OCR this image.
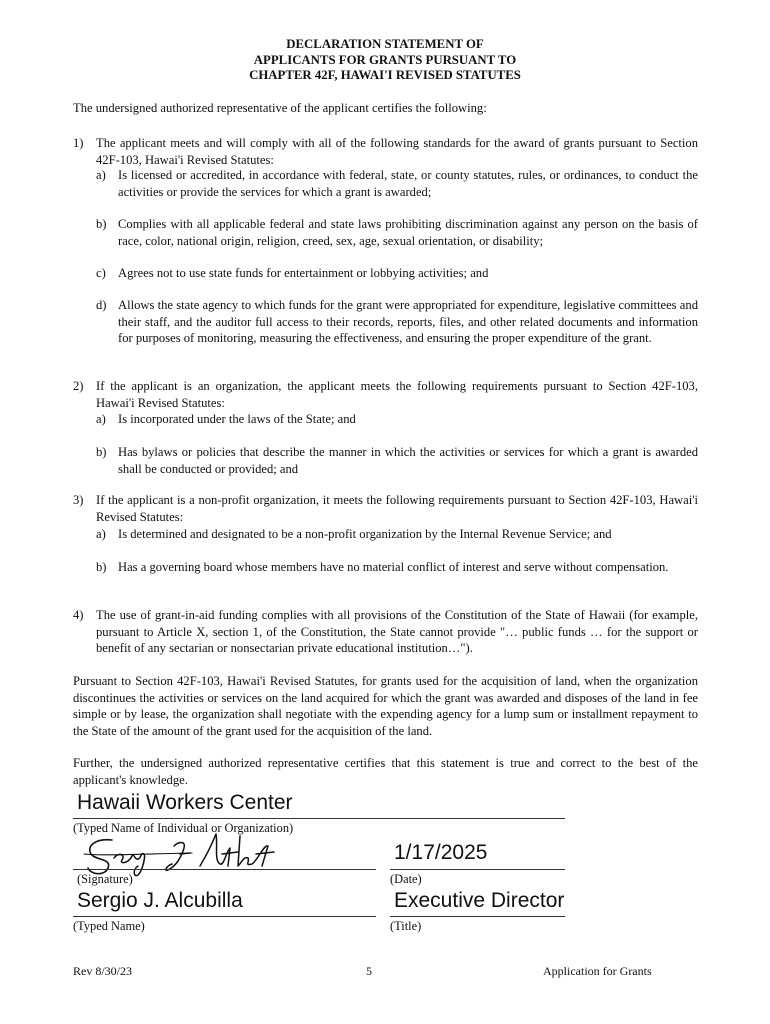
DECLARATION STATEMENT OF
APPLICANTS FOR GRANTS PURSUANT TO
CHAPTER 42F, HAWAI'I REVISED STATUTES
The undersigned authorized representative of the applicant certifies the following:
1) The applicant meets and will comply with all of the following standards for the award of grants pursuant to Section 42F-103, Hawai'i Revised Statutes:
a) Is licensed or accredited, in accordance with federal, state, or county statutes, rules, or ordinances, to conduct the activities or provide the services for which a grant is awarded;
b) Complies with all applicable federal and state laws prohibiting discrimination against any person on the basis of race, color, national origin, religion, creed, sex, age, sexual orientation, or disability;
c) Agrees not to use state funds for entertainment or lobbying activities; and
d) Allows the state agency to which funds for the grant were appropriated for expenditure, legislative committees and their staff, and the auditor full access to their records, reports, files, and other related documents and information for purposes of monitoring, measuring the effectiveness, and ensuring the proper expenditure of the grant.
2) If the applicant is an organization, the applicant meets the following requirements pursuant to Section 42F-103, Hawai'i Revised Statutes:
a) Is incorporated under the laws of the State; and
b) Has bylaws or policies that describe the manner in which the activities or services for which a grant is awarded shall be conducted or provided; and
3) If the applicant is a non-profit organization, it meets the following requirements pursuant to Section 42F-103, Hawai'i Revised Statutes:
a) Is determined and designated to be a non-profit organization by the Internal Revenue Service; and
b) Has a governing board whose members have no material conflict of interest and serve without compensation.
4) The use of grant-in-aid funding complies with all provisions of the Constitution of the State of Hawaii (for example, pursuant to Article X, section 1, of the Constitution, the State cannot provide "… public funds … for the support or benefit of any sectarian or nonsectarian private educational institution…").
Pursuant to Section 42F-103, Hawai'i Revised Statutes, for grants used for the acquisition of land, when the organization discontinues the activities or services on the land acquired for which the grant was awarded and disposes of the land in fee simple or by lease, the organization shall negotiate with the expending agency for a lump sum or installment repayment to the State of the amount of the grant used for the acquisition of the land.
Further, the undersigned authorized representative certifies that this statement is true and correct to the best of the applicant's knowledge.
Hawaii Workers Center
(Typed Name of Individual or Organization)
(Signature)
1/17/2025
(Date)
Sergio J. Alcubilla
(Typed Name)
Executive Director
(Title)
Rev 8/30/23	5	Application for Grants
